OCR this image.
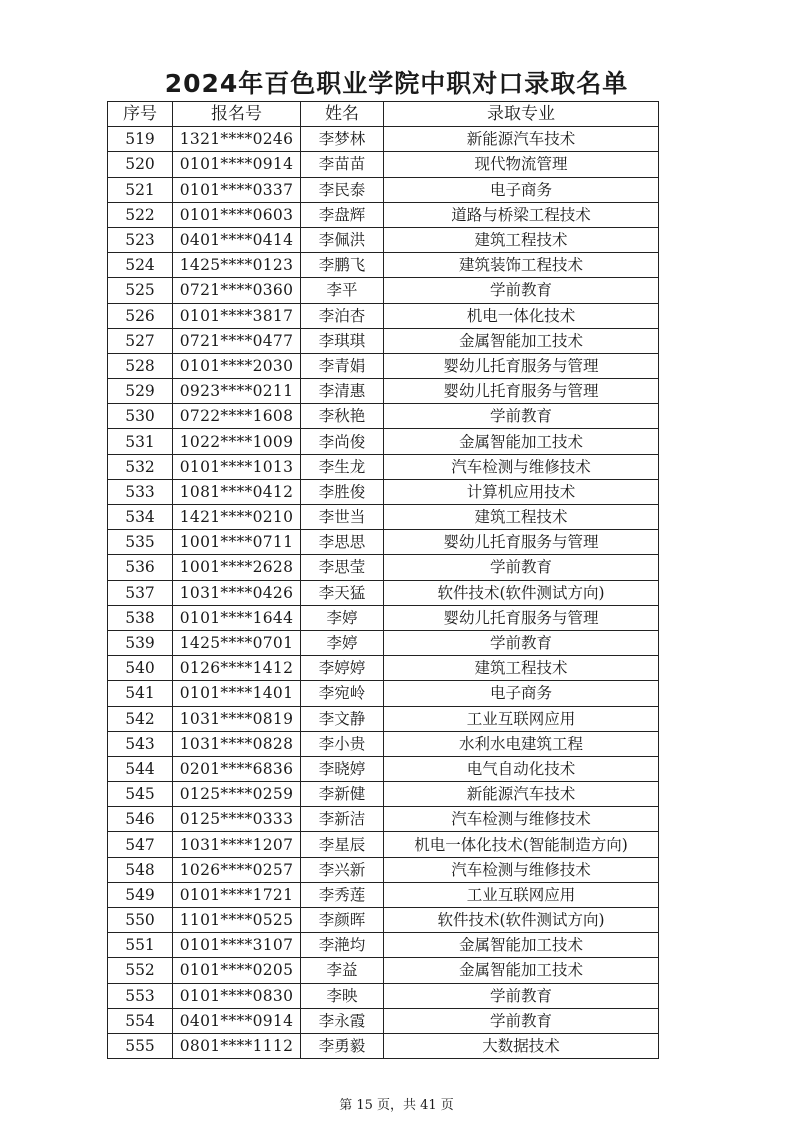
2024年百色职业学院中职对口录取名单
序号	报名号	姓名	录取专业
519	1321****0246	李梦林	新能源汽车技术
520	0101****0914	李苗苗	现代物流管理
521	0101****0337	李民泰	电子商务
522	0101****0603	李盘辉	道路与桥梁工程技术
523	0401****0414	李佩洪	建筑工程技术
524	1425****0123	李鹏飞	建筑装饰工程技术
525	0721****0360	李平	学前教育
526	0101****3817	李泊杏	机电一体化技术
527	0721****0477	李琪琪	金属智能加工技术
528	0101****2030	李青娟	婴幼儿托育服务与管理
529	0923****0211	李清惠	婴幼儿托育服务与管理
530	0722****1608	李秋艳	学前教育
531	1022****1009	李尚俊	金属智能加工技术
532	0101****1013	李生龙	汽车检测与维修技术
533	1081****0412	李胜俊	计算机应用技术
534	1421****0210	李世当	建筑工程技术
535	1001****0711	李思思	婴幼儿托育服务与管理
536	1001****2628	李思莹	学前教育
537	1031****0426	李天猛	软件技术(软件测试方向)
538	0101****1644	李婷	婴幼儿托育服务与管理
539	1425****0701	李婷	学前教育
540	0126****1412	李婷婷	建筑工程技术
541	0101****1401	李宛岭	电子商务
542	1031****0819	李文静	工业互联网应用
543	1031****0828	李小贵	水利水电建筑工程
544	0201****6836	李晓婷	电气自动化技术
545	0125****0259	李新健	新能源汽车技术
546	0125****0333	李新洁	汽车检测与维修技术
547	1031****1207	李星辰	机电一体化技术(智能制造方向)
548	1026****0257	李兴新	汽车检测与维修技术
549	0101****1721	李秀莲	工业互联网应用
550	1101****0525	李颜晖	软件技术(软件测试方向)
551	0101****3107	李滟均	金属智能加工技术
552	0101****0205	李益	金属智能加工技术
553	0101****0830	李映	学前教育
554	0401****0914	李永霞	学前教育
555	0801****1112	李勇毅	大数据技术
第 15 页，共 41 页
